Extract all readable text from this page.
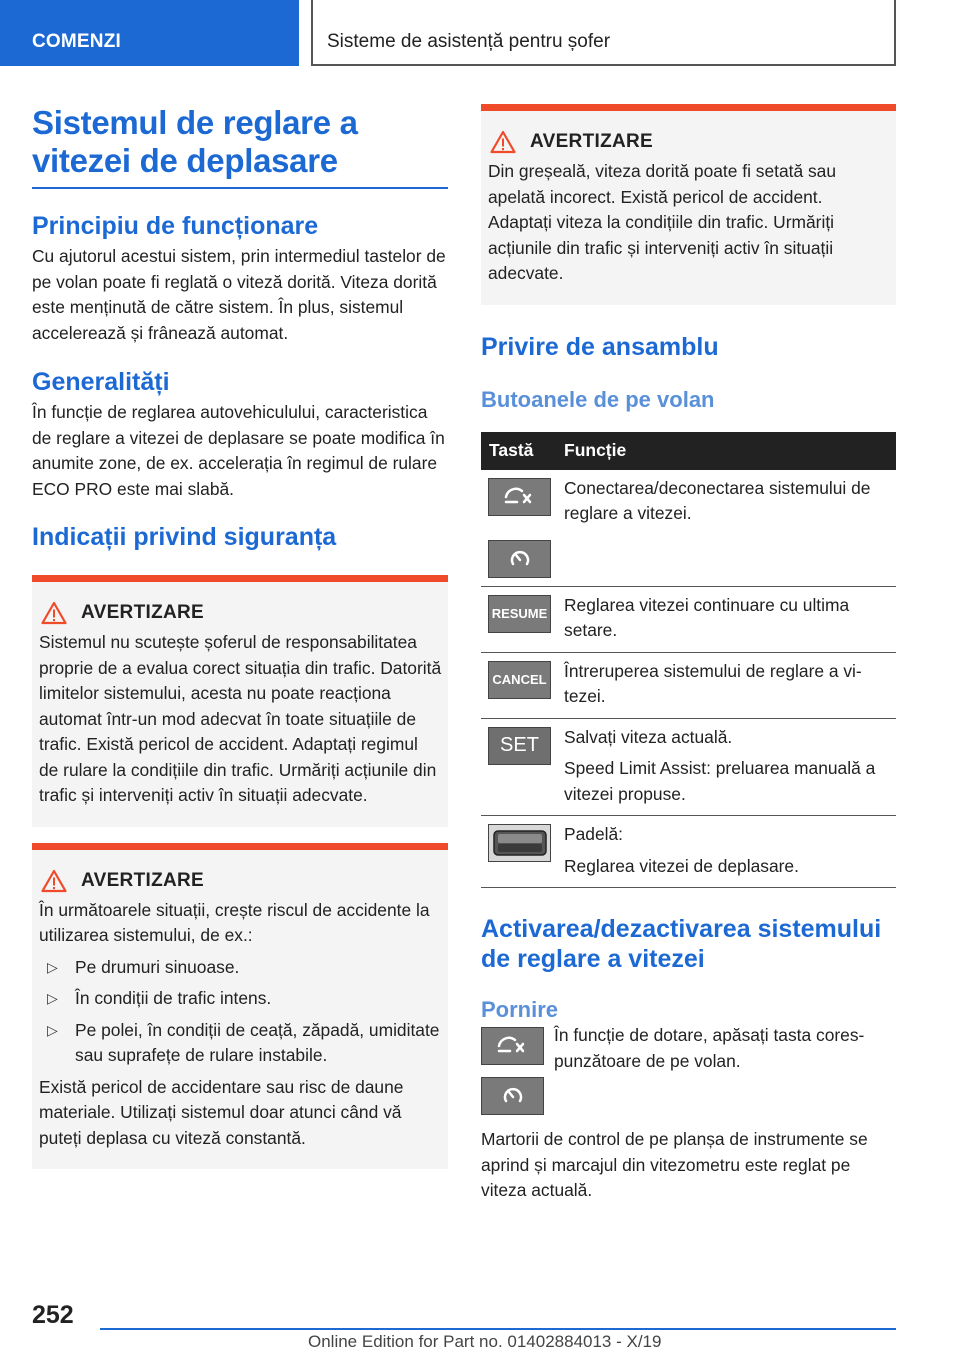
COMENZI	Sisteme de asistență pentru șofer
Sistemul de reglare a vitezei de deplasare
Principiu de funcționare

Cu ajutorul acestui sistem, prin intermediul tastelor de pe volan poate fi reglată o viteză dorită. Viteza dorită este menținută de către sistem. În plus, sistemul accelerează și frânează automat.

Generalități

În funcție de reglarea autovehiculului, caracteristica de reglare a vitezei de deplasare se poate modifica în anumite zone, de ex. accelerația în regimul de rulare ECO PRO este mai slabă.

Indicații privind siguranța
AVERTIZARE

Sistemul nu scutește șoferul de responsabilitatea proprie de a evalua corect situația din trafic. Datorită limitelor sistemului, acesta nu poate reacționa automat într-un mod adecvat în toate situațiile de trafic. Există pericol de accident. Adaptați regimul de rulare la condițiile din trafic. Urmăriți acțiunile din trafic și interveniți activ în situații adecvate.

AVERTIZARE

În următoarele situații, crește riscul de accidente la utilizarea sistemului, de ex.:

▷ Pe drumuri sinuoase.
▷ În condiții de trafic intens.
▷ Pe polei, în condiții de ceață, zăpadă, umiditate sau suprafețe de rulare instabile.

Există pericol de accidentare sau risc de daune materiale. Utilizați sistemul doar atunci când vă puteți deplasa cu viteză constantă.

AVERTIZARE

Din greșeală, viteza dorită poate fi setată sau apelată incorect. Există pericol de accident. Adaptați viteza la condițiile din trafic. Urmăriți acțiunile din trafic și interveniți activ în situații adecvate.

Privire de ansamblu
Butoanele de pe volan
Tastă	Funcție

	Conectarea/deconectarea sistemului de reglare a vitezei.

RESUME	Reglarea vitezei continuare cu ultima setare.

CANCEL	Întreruperea sistemului de reglare a vitezei.

SET	Salvați viteza actuală.
Speed Limit Assist: preluarea manuală a vitezei propuse.

Padelă:
Reglarea vitezei de deplasare.
Activarea/dezactivarea sistemului de reglare a vitezei
Pornire

În funcție de dotare, apăsați tasta corespunzătoare de pe volan.

Martorii de control de pe planșa de instrumente se aprind și marcajul din vitezometru este reglat pe viteza actuală.

252
Online Edition for Part no. 01402884013 - X/19
